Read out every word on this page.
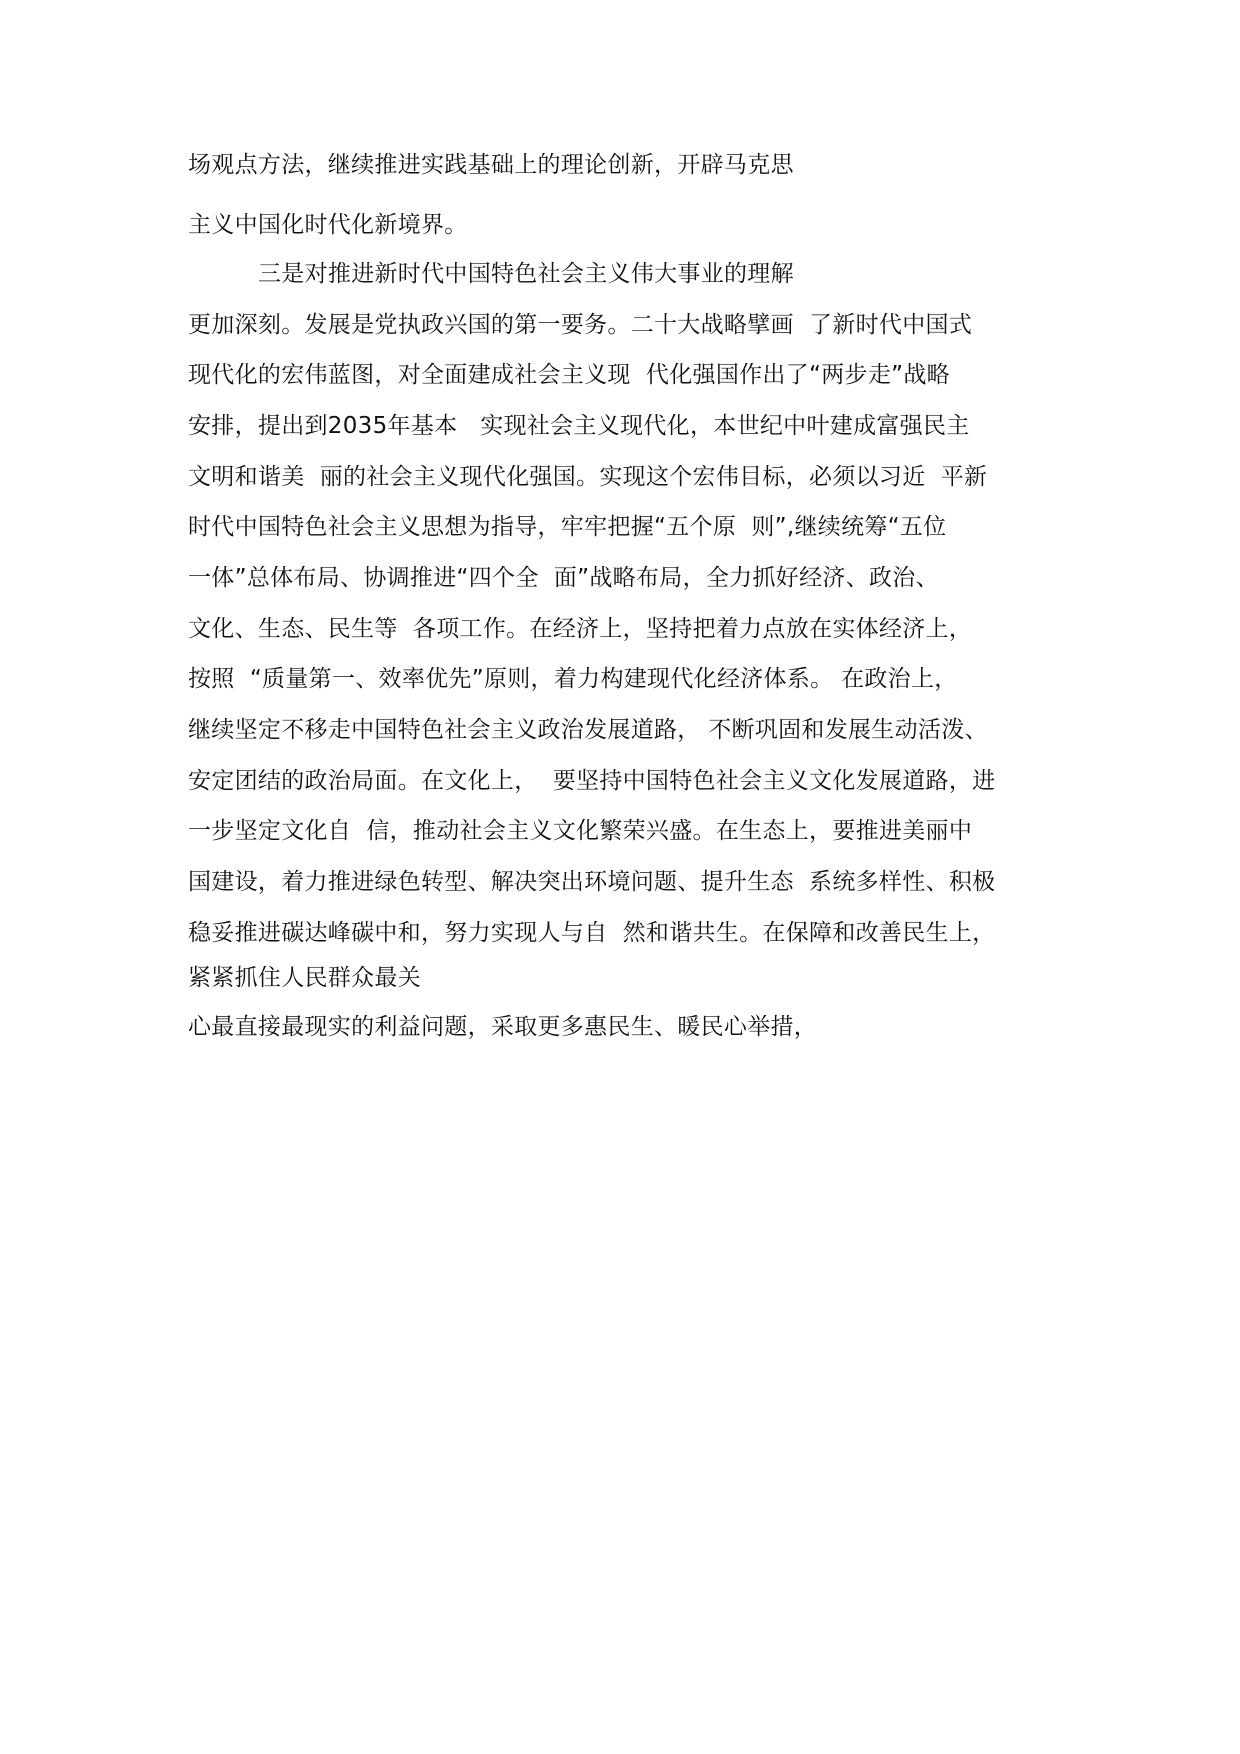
场观点方法，继续推进实践基础上的理论创新，开辟马克思
主义中国化时代化新境界。
三是对推进新时代中国特色社会主义伟大事业的理解
更加深刻。发展是党执政兴国的第一要务。二十大战略擘画  了新时代中国式
现代化的宏伟蓝图，对全面建成社会主义现  代化强国作出了“两步走”战略
安排，提出到2035年基本   实现社会主义现代化，本世纪中叶建成富强民主
文明和谐美  丽的社会主义现代化强国。实现这个宏伟目标，必须以习近  平新
时代中国特色社会主义思想为指导，牢牢把握“五个原  则”,继续统筹“五位
一体”总体布局、协调推进“四个全  面”战略布局，全力抓好经济、政治、
文化、生态、民生等  各项工作。在经济上，坚持把着力点放在实体经济上，
按照  “质量第一、效率优先”原则，着力构建现代化经济体系。 在政治上，
继续坚定不移走中国特色社会主义政治发展道路， 不断巩固和发展生动活泼、
安定团结的政治局面。在文化上，  要坚持中国特色社会主义文化发展道路，进
一步坚定文化自  信，推动社会主义文化繁荣兴盛。在生态上，要推进美丽中
国建设，着力推进绿色转型、解决突出环境问题、提升生态  系统多样性、积极
稳妥推进碳达峰碳中和，努力实现人与自  然和谐共生。在保障和改善民生上，
紧紧抓住人民群众最关
心最直接最现实的利益问题，采取更多惠民生、暖民心举措，
